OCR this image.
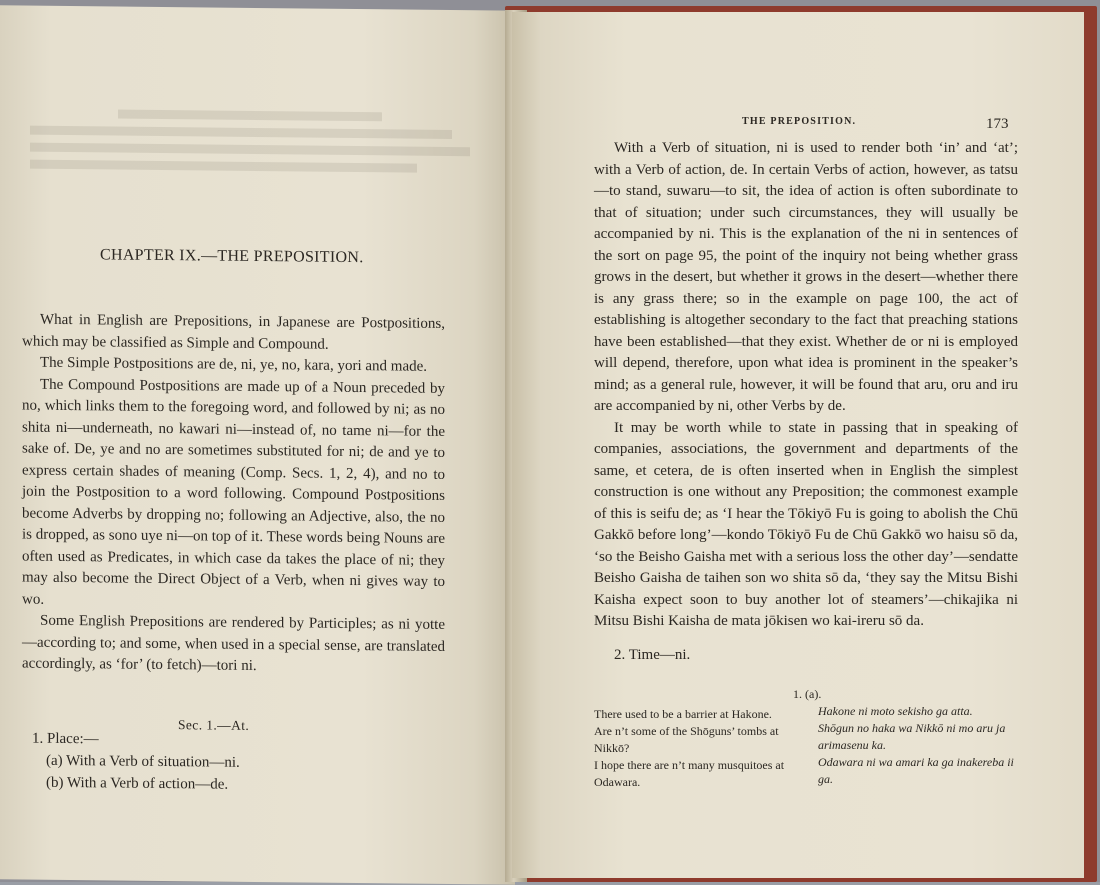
CHAPTER IX.—THE PREPOSITION.

What in English are Prepositions, in Japanese are Postpositions, which may be classified as Simple and Compound.

The Simple Postpositions are de, ni, ye, no, kara, yori and made.

The Compound Postpositions are made up of a Noun preceded by no, which links them to the foregoing word, and followed by ni; as no shita ni—underneath, no kawari ni—instead of, no tame ni—for the sake of. De, ye and no are sometimes substituted for ni; de and ye to express certain shades of meaning (Comp. Secs. 1, 2, 4), and no to join the Postposition to a word following. Compound Postpositions become Adverbs by dropping no; following an Adjective, also, the no is dropped, as sono uye ni—on top of it. These words being Nouns are often used as Predicates, in which case da takes the place of ni; they may also become the Direct Object of a Verb, when ni gives way to wo.

Some English Prepositions are rendered by Participles; as ni yotte—according to; and some, when used in a special sense, are translated accordingly, as ‘for’ (to fetch)—tori ni.

Sec. 1.—At.
1. Place:—
(a) With a Verb of situation—ni.
(b) With a Verb of action—de.
THE PREPOSITION.	173

With a Verb of situation, ni is used to render both ‘in’ and ‘at’; with a Verb of action, de. In certain Verbs of action, however, as tatsu—to stand, suwaru—to sit, the idea of action is often subordinate to that of situation; under such circumstances, they will usually be accompanied by ni. This is the explanation of the ni in sentences of the sort on page 95, the point of the inquiry not being whether grass grows in the desert, but whether it grows in the desert—whether there is any grass there; so in the example on page 100, the act of establishing is altogether secondary to the fact that preaching stations have been established—that they exist. Whether de or ni is employed will depend, therefore, upon what idea is prominent in the speaker’s mind; as a general rule, however, it will be found that aru, oru and iru are accompanied by ni, other Verbs by de.

It may be worth while to state in passing that in speaking of companies, associations, the government and departments of the same, et cetera, de is often inserted when in English the simplest construction is one without any Preposition; the commonest example of this is seifu de; as ‘I hear the Tōkiyō Fu is going to abolish the Chū Gakkō before long’—kondo Tōkiyō Fu de Chū Gakkō wo haisu sō da, ‘so the Beisho Gaisha met with a serious loss the other day’—sendatte Beisho Gaisha de taihen son wo shita sō da, ‘they say the Mitsu Bishi Kaisha expect soon to buy another lot of steamers’—chikajika ni Mitsu Bishi Kaisha de mata jōkisen wo kai-ireru sō da.

2. Time—ni.

1. (a).
There used to be a barrier at Hakone.
Are n’t some of the Shōguns’ tombs at Nikkō?
I hope there are n’t many musquitoes at Odawara.
Hakone ni moto sekisho ga atta.
Shōgun no haka wa Nikkō ni mo aru ja arimasenu ka.
Odawara ni wa amari ka ga inakereba ii ga.
